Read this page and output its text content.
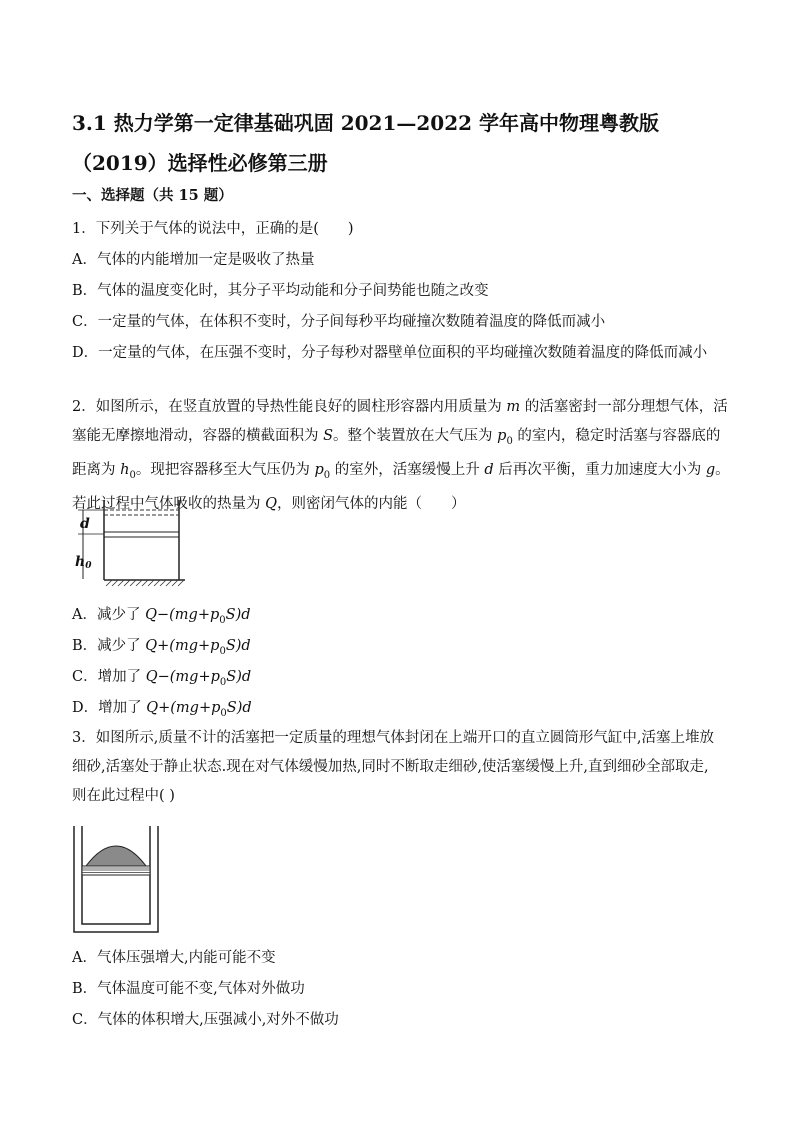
3.1 热力学第一定律基础巩固 2021—2022 学年高中物理粤教版（2019）选择性必修第三册
一、选择题（共 15 题）
1．下列关于气体的说法中，正确的是(　　)
A．气体的内能增加一定是吸收了热量
B．气体的温度变化时，其分子平均动能和分子间势能也随之改变
C．一定量的气体，在体积不变时，分子间每秒平均碰撞次数随着温度的降低而减小
D．一定量的气体，在压强不变时，分子每秒对器壁单位面积的平均碰撞次数随着温度的降低而减小
2．如图所示，在竖直放置的导热性能良好的圆柱形容器内用质量为 m 的活塞密封一部分理想气体，活塞能无摩擦地滑动，容器的横截面积为 S。整个装置放在大气压为 $p_0$ 的室内，稳定时活塞与容器底的距离为 $h_0$。现把容器移至大气压仍为 $p_0$ 的室外，活塞缓慢上升 d 后再次平衡，重力加速度大小为 g。若此过程中气体吸收的热量为 Q，则密闭气体的内能（　　）
d
h0
A．减少了 $Q-(mg+p_0S)d$
B．减少了 $Q+(mg+p_0S)d$
C．增加了 $Q-(mg+p_0S)d$
D．增加了 $Q+(mg+p_0S)d$
3．如图所示,质量不计的活塞把一定质量的理想气体封闭在上端开口的直立圆筒形气缸中,活塞上堆放细砂,活塞处于静止状态.现在对气体缓慢加热,同时不断取走细砂,使活塞缓慢上升,直到细砂全部取走,则在此过程中( )
A．气体压强增大,内能可能不变
B．气体温度可能不变,气体对外做功
C．气体的体积增大,压强减小,对外不做功
